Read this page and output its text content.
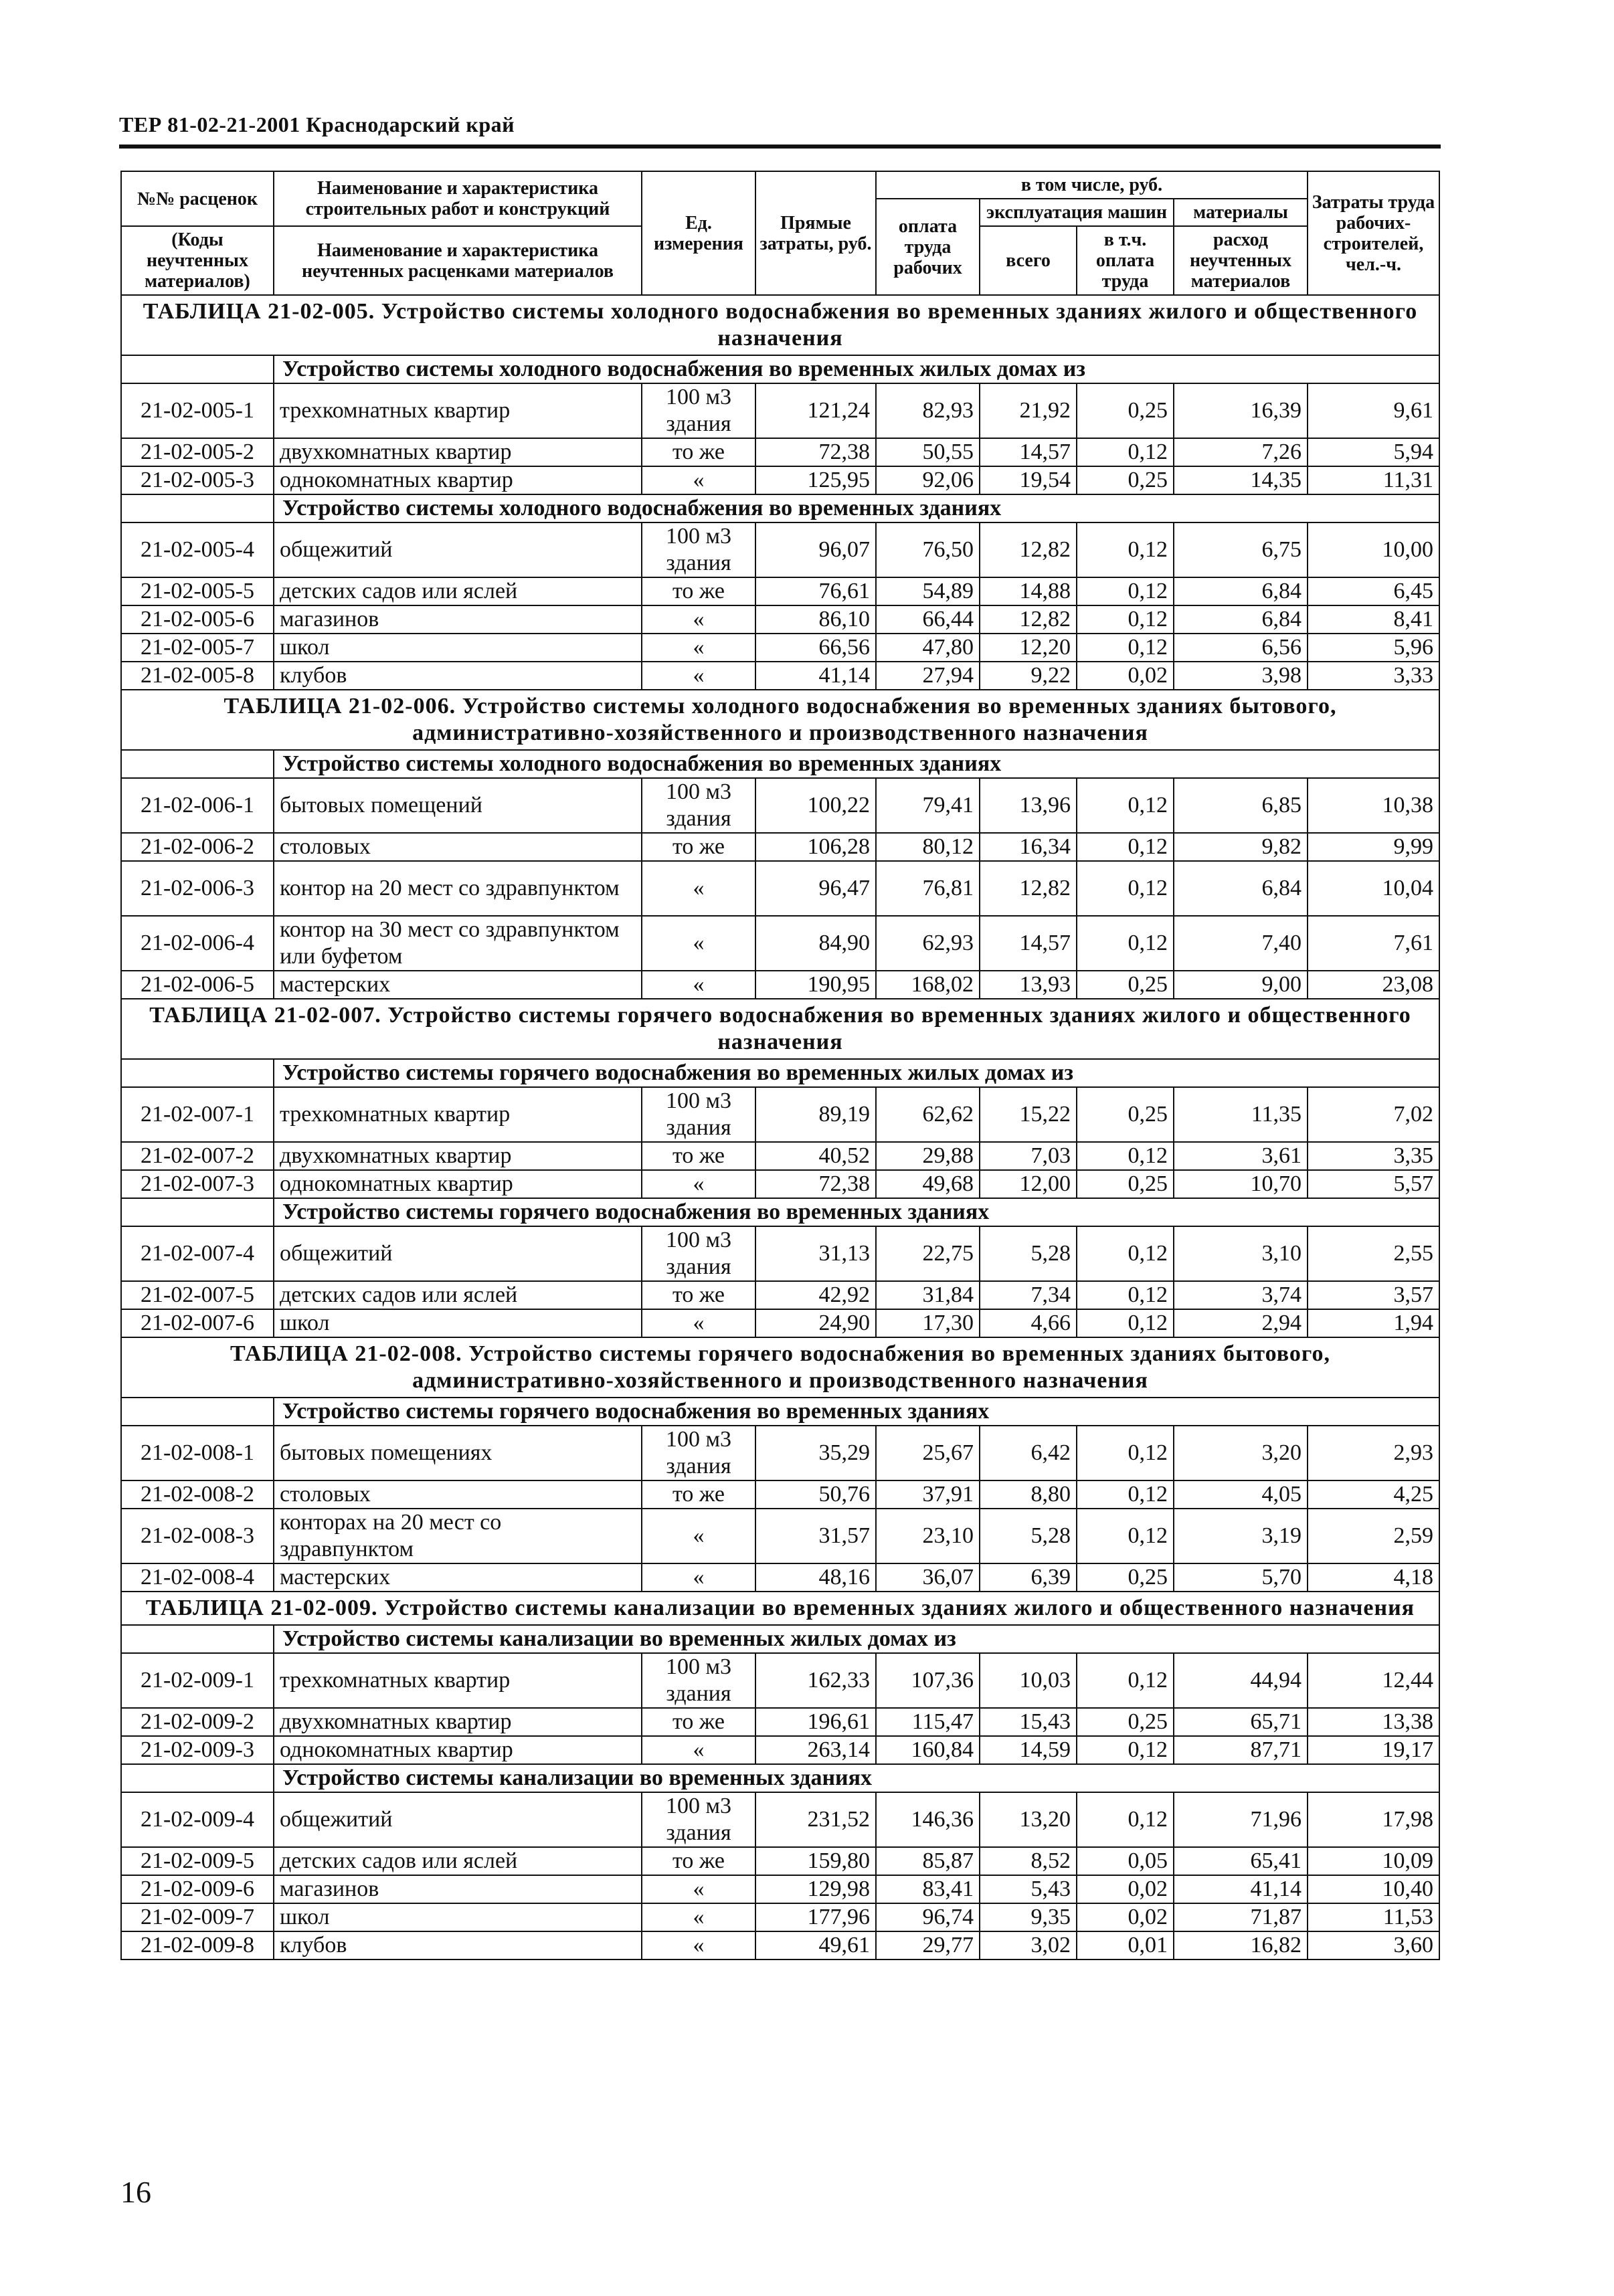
ТЕР 81-02-21-2001 Краснодарский край
№№ расценок	Наименование и характеристика строительных работ и конструкций	Ед. измерения	Прямые затраты, руб.	в том числе, руб.				Затраты труда рабочих-строителей, чел.-ч.
				оплата труда рабочих	эксплуатация машин		материалы	
(Коды неучтенных материалов)	Наименование и характеристика неучтенных расценками материалов				всего	в т.ч. оплата труда		
							расход неучтенных материалов	
ТАБЛИЦА 21-02-005. Устройство системы холодного водоснабжения во временных зданиях жилого и общественного назначения								
	Устройство системы холодного водоснабжения во временных жилых домах из							
21-02-005-1	трехкомнатных квартир	100 м3 здания	121,24	82,93	21,92	0,25	16,39	9,61
21-02-005-2	двухкомнатных квартир	то же	72,38	50,55	14,57	0,12	7,26	5,94
21-02-005-3	однокомнатных квартир	«	125,95	92,06	19,54	0,25	14,35	11,31
	Устройство системы холодного водоснабжения во временных зданиях							
21-02-005-4	общежитий	100 м3 здания	96,07	76,50	12,82	0,12	6,75	10,00
21-02-005-5	детских садов или яслей	то же	76,61	54,89	14,88	0,12	6,84	6,45
21-02-005-6	магазинов	«	86,10	66,44	12,82	0,12	6,84	8,41
21-02-005-7	школ	«	66,56	47,80	12,20	0,12	6,56	5,96
21-02-005-8	клубов	«	41,14	27,94	9,22	0,02	3,98	3,33
ТАБЛИЦА 21-02-006. Устройство системы холодного водоснабжения во временных зданиях бытового, административно-хозяйственного и производственного назначения								
	Устройство системы холодного водоснабжения во временных зданиях							
21-02-006-1	бытовых помещений	100 м3 здания	100,22	79,41	13,96	0,12	6,85	10,38
21-02-006-2	столовых	то же	106,28	80,12	16,34	0,12	9,82	9,99
21-02-006-3	контор на 20 мест со здравпунктом	«	96,47	76,81	12,82	0,12	6,84	10,04
21-02-006-4	контор на 30 мест со здравпунктом или буфетом	«	84,90	62,93	14,57	0,12	7,40	7,61
21-02-006-5	мастерских	«	190,95	168,02	13,93	0,25	9,00	23,08
ТАБЛИЦА 21-02-007. Устройство системы горячего водоснабжения во временных зданиях жилого и общественного назначения								
	Устройство системы горячего водоснабжения во временных жилых домах из							
21-02-007-1	трехкомнатных квартир	100 м3 здания	89,19	62,62	15,22	0,25	11,35	7,02
21-02-007-2	двухкомнатных квартир	то же	40,52	29,88	7,03	0,12	3,61	3,35
21-02-007-3	однокомнатных квартир	«	72,38	49,68	12,00	0,25	10,70	5,57
	Устройство системы горячего водоснабжения во временных зданиях							
21-02-007-4	общежитий	100 м3 здания	31,13	22,75	5,28	0,12	3,10	2,55
21-02-007-5	детских садов или яслей	то же	42,92	31,84	7,34	0,12	3,74	3,57
21-02-007-6	школ	«	24,90	17,30	4,66	0,12	2,94	1,94
ТАБЛИЦА 21-02-008. Устройство системы горячего водоснабжения во временных зданиях бытового, административно-хозяйственного и производственного назначения								
	Устройство системы горячего водоснабжения во временных зданиях							
21-02-008-1	бытовых помещениях	100 м3 здания	35,29	25,67	6,42	0,12	3,20	2,93
21-02-008-2	столовых	то же	50,76	37,91	8,80	0,12	4,05	4,25
21-02-008-3	конторах на 20 мест со здравпунктом	«	31,57	23,10	5,28	0,12	3,19	2,59
21-02-008-4	мастерских	«	48,16	36,07	6,39	0,25	5,70	4,18
ТАБЛИЦА 21-02-009. Устройство системы канализации во временных зданиях жилого и общественного назначения								
	Устройство системы канализации во временных жилых домах из							
21-02-009-1	трехкомнатных квартир	100 м3 здания	162,33	107,36	10,03	0,12	44,94	12,44
21-02-009-2	двухкомнатных квартир	то же	196,61	115,47	15,43	0,25	65,71	13,38
21-02-009-3	однокомнатных квартир	«	263,14	160,84	14,59	0,12	87,71	19,17
	Устройство системы канализации во временных зданиях							
21-02-009-4	общежитий	100 м3 здания	231,52	146,36	13,20	0,12	71,96	17,98
21-02-009-5	детских садов или яслей	то же	159,80	85,87	8,52	0,05	65,41	10,09
21-02-009-6	магазинов	«	129,98	83,41	5,43	0,02	41,14	10,40
21-02-009-7	школ	«	177,96	96,74	9,35	0,02	71,87	11,53
21-02-009-8	клубов	«	49,61	29,77	3,02	0,01	16,82	3,60
16
